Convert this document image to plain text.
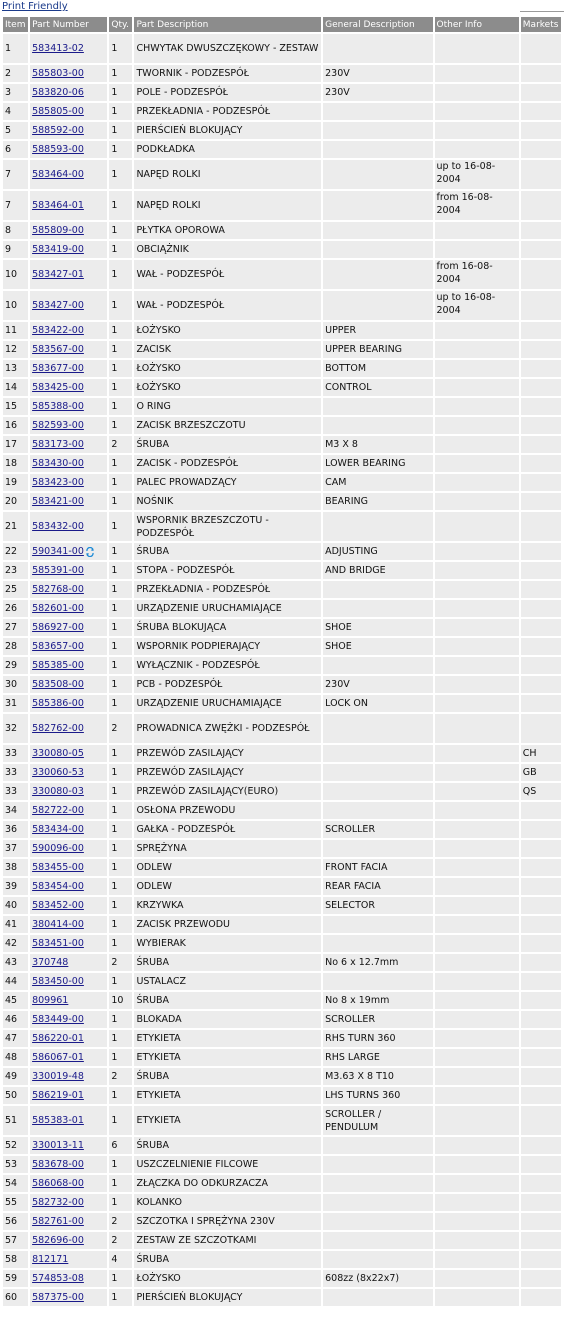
Print Friendly
Item	Part Number	Qty.	Part Description	General Description	Other Info	Markets
1	583413-02	1	CHWYTAK DWUSZCZĘKOWY - ZESTAW			
2	585803-00	1	TWORNIK - PODZESPÓŁ	230V		
3	583820-06	1	POLE - PODZESPÓŁ	230V		
4	585805-00	1	PRZEKŁADNIA - PODZESPÓŁ			
5	588592-00	1	PIERŚCIEŃ BLOKUJĄCY			
6	588593-00	1	PODKŁADKA			
7	583464-00	1	NAPĘD ROLKI		up to 16-08-2004	
7	583464-01	1	NAPĘD ROLKI		from 16-08-2004	
8	585809-00	1	PŁYTKA OPOROWA			
9	583419-00	1	OBCIĄŻNIK			
10	583427-01	1	WAŁ - PODZESPÓŁ		from 16-08-2004	
10	583427-00	1	WAŁ - PODZESPÓŁ		up to 16-08-2004	
11	583422-00	1	ŁOŻYSKO	UPPER		
12	583567-00	1	ZACISK	UPPER BEARING		
13	583677-00	1	ŁOŻYSKO	BOTTOM		
14	583425-00	1	ŁOŻYSKO	CONTROL		
15	585388-00	1	O RING			
16	582593-00	1	ZACISK BRZESZCZOTU			
17	583173-00	2	ŚRUBA	M3 X 8		
18	583430-00	1	ZACISK - PODZESPÓŁ	LOWER BEARING		
19	583423-00	1	PALEC PROWADZĄCY	CAM		
20	583421-00	1	NOŚNIK	BEARING		
21	583432-00	1	WSPORNIK BRZESZCZOTU - PODZESPÓŁ			
22	590341-00	1	ŚRUBA	ADJUSTING		
23	585391-00	1	STOPA - PODZESPÓŁ	AND BRIDGE		
25	582768-00	1	PRZEKŁADNIA - PODZESPÓŁ			
26	582601-00	1	URZĄDZENIE URUCHAMIAJĄCE			
27	586927-00	1	ŚRUBA BLOKUJĄCA	SHOE		
28	583657-00	1	WSPORNIK PODPIERAJĄCY	SHOE		
29	585385-00	1	WYŁĄCZNIK - PODZESPÓŁ			
30	583508-00	1	PCB - PODZESPÓŁ	230V		
31	585386-00	1	URZĄDZENIE URUCHAMIAJĄCE	LOCK ON		
32	582762-00	2	PROWADNICA ZWĘŻKI - PODZESPÓŁ			
33	330080-05	1	PRZEWÓD ZASILAJĄCY			CH
33	330060-53	1	PRZEWÓD ZASILAJĄCY			GB
33	330080-03	1	PRZEWÓD ZASILAJĄCY(EURO)			QS
34	582722-00	1	OSŁONA PRZEWODU			
36	583434-00	1	GAŁKA - PODZESPÓŁ	SCROLLER		
37	590096-00	1	SPRĘŻYNA			
38	583455-00	1	ODLEW	FRONT FACIA		
39	583454-00	1	ODLEW	REAR FACIA		
40	583452-00	1	KRZYWKA	SELECTOR		
41	380414-00	1	ZACISK PRZEWODU			
42	583451-00	1	WYBIERAK			
43	370748	2	ŚRUBA	No 6 x 12.7mm		
44	583450-00	1	USTALACZ			
45	809961	10	ŚRUBA	No 8 x 19mm		
46	583449-00	1	BLOKADA	SCROLLER		
47	586220-01	1	ETYKIETA	RHS TURN 360		
48	586067-01	1	ETYKIETA	RHS LARGE		
49	330019-48	2	ŚRUBA	M3.63 X 8 T10		
50	586219-01	1	ETYKIETA	LHS TURNS 360		
51	585383-01	1	ETYKIETA	SCROLLER / PENDULUM		
52	330013-11	6	ŚRUBA			
53	583678-00	1	USZCZELNIENIE FILCOWE			
54	586068-00	1	ZŁĄCZKA DO ODKURZACZA			
55	582732-00	1	KOLANKO			
56	582761-00	2	SZCZOTKA I SPRĘŻYNA 230V			
57	582696-00	2	ZESTAW ZE SZCZOTKAMI			
58	812171	4	ŚRUBA			
59	574853-08	1	ŁOŻYSKO	608zz (8x22x7)		
60	587375-00	1	PIERŚCIEŃ BLOKUJĄCY			
